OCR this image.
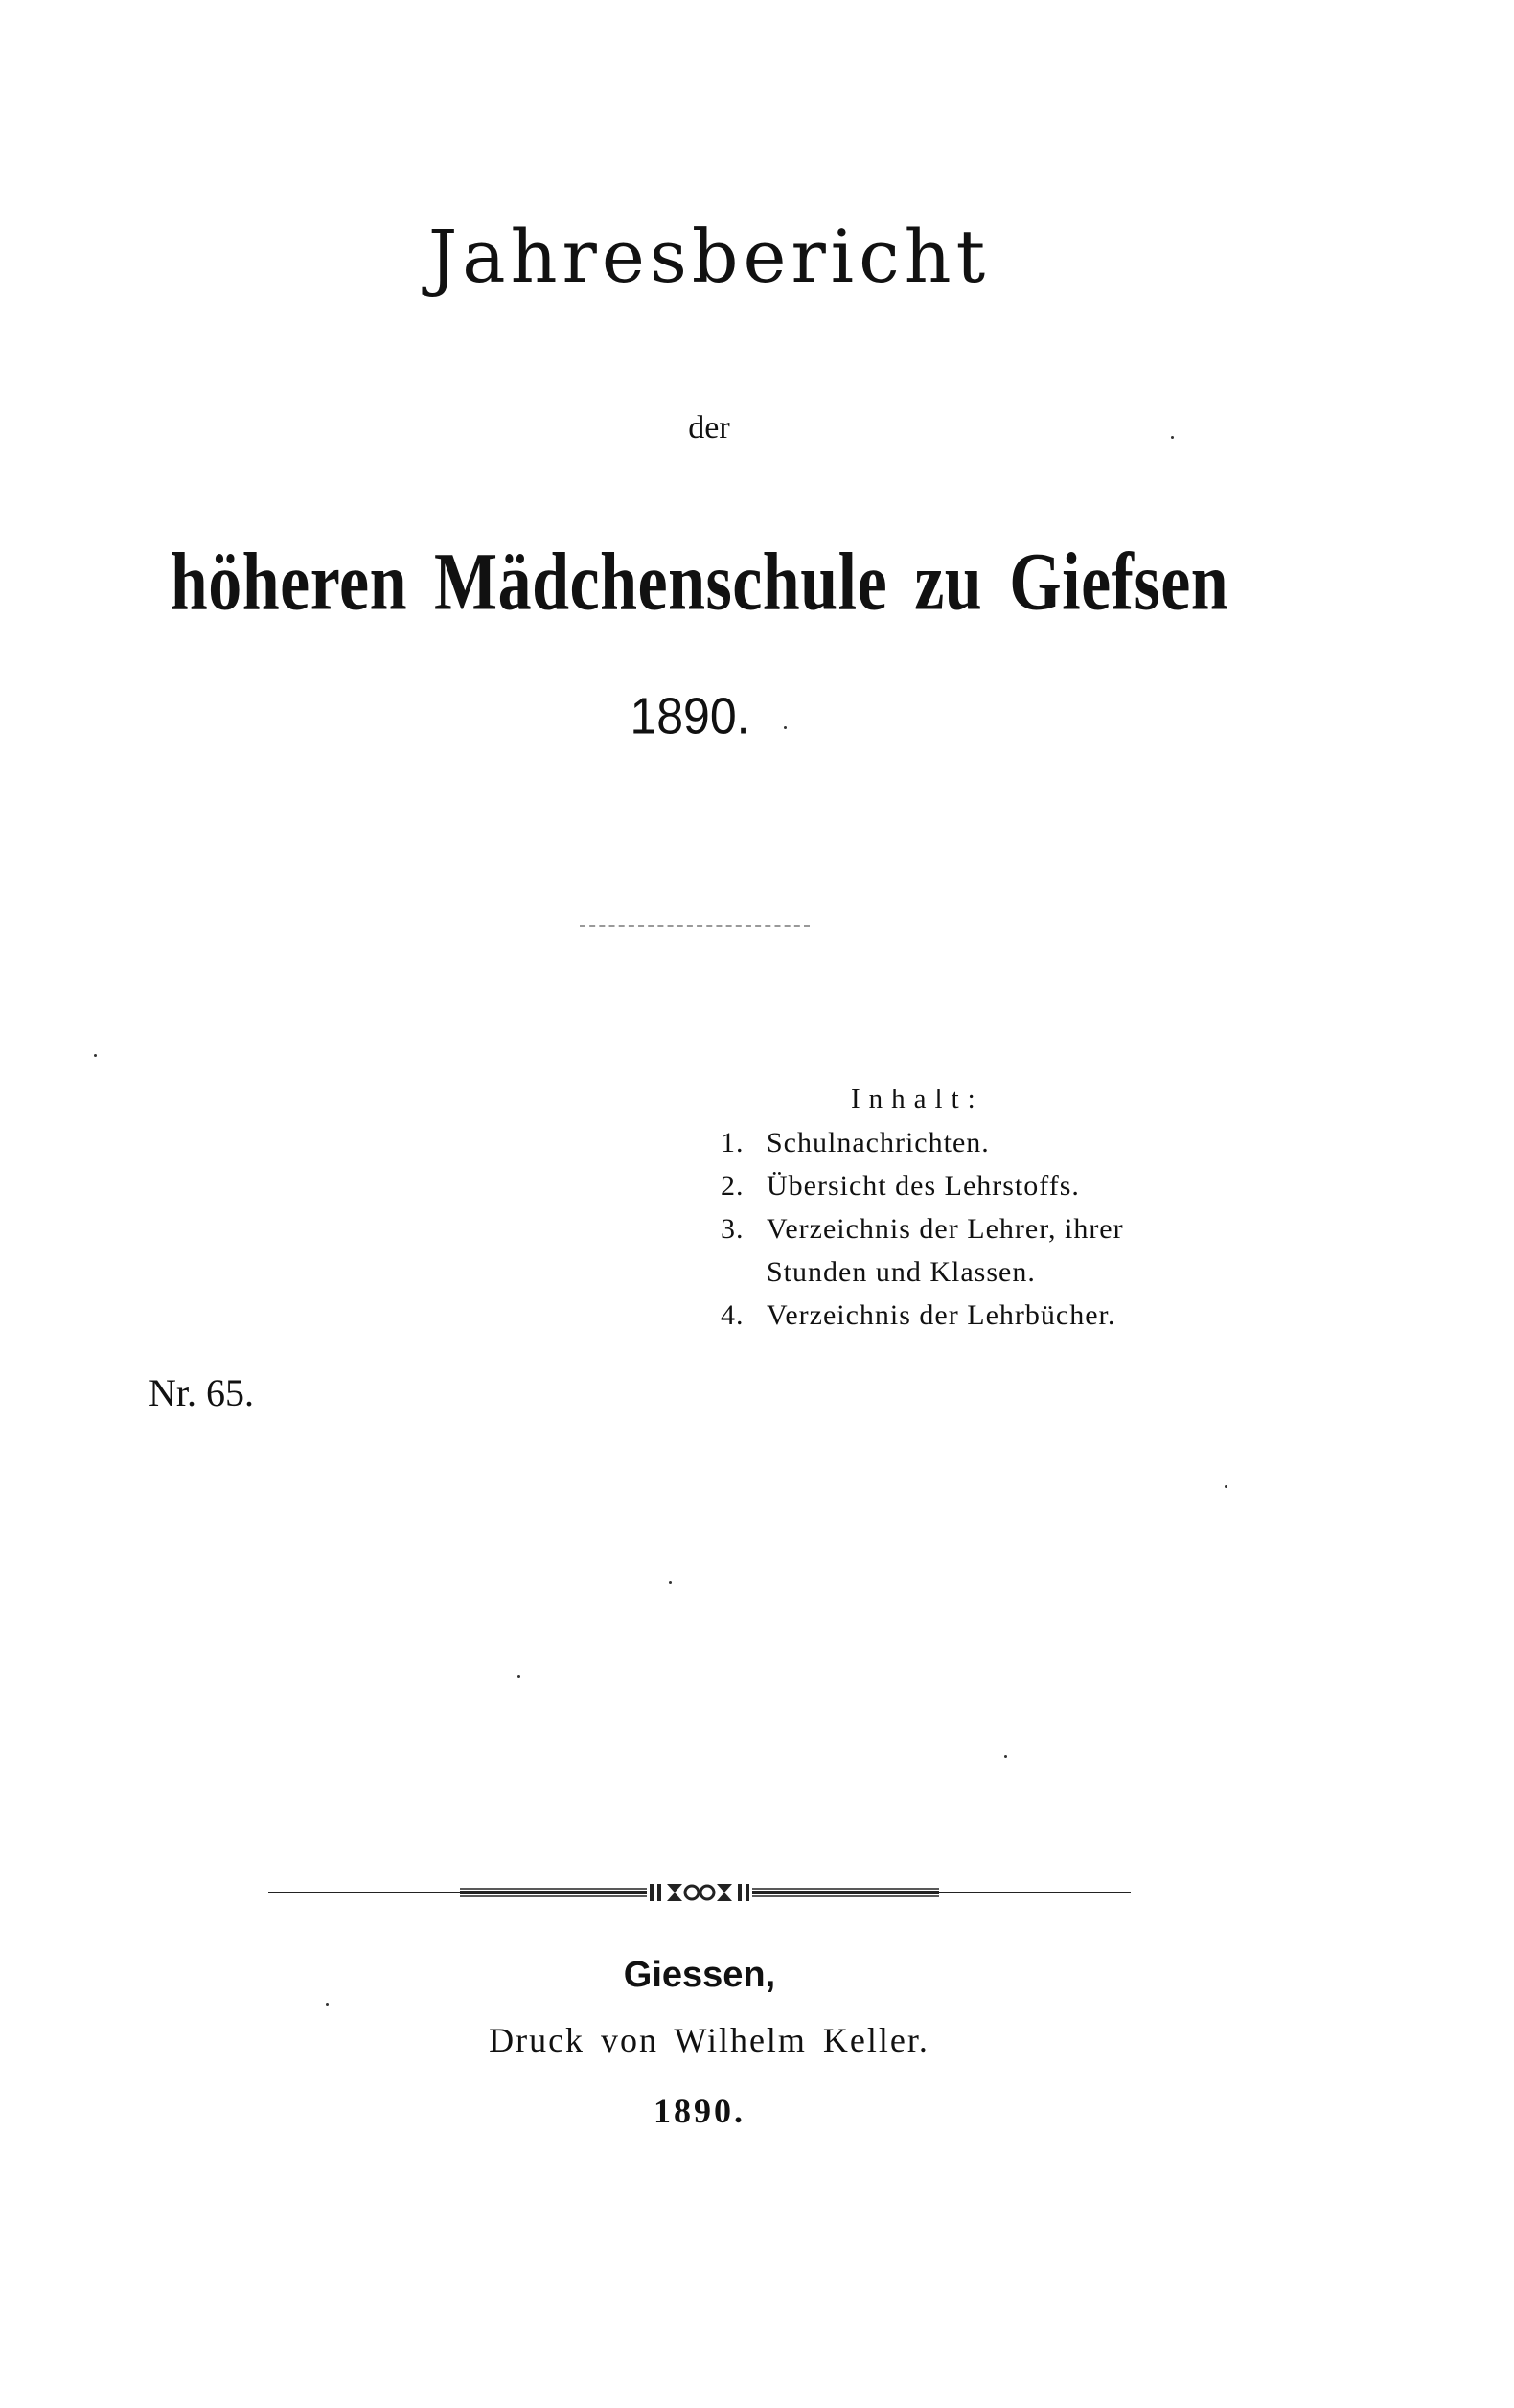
Jahresbericht
der
höheren Mädchenschule zu Giefsen
1890.
Inhalt:
1. Schulnachrichten.
2. Übersicht des Lehrstoffs.
3. Verzeichnis der Lehrer, ihrer
Stunden und Klassen.
4. Verzeichnis der Lehrbücher.
Nr. 65.
Giessen,
Druck von Wilhelm Keller.
1890.
